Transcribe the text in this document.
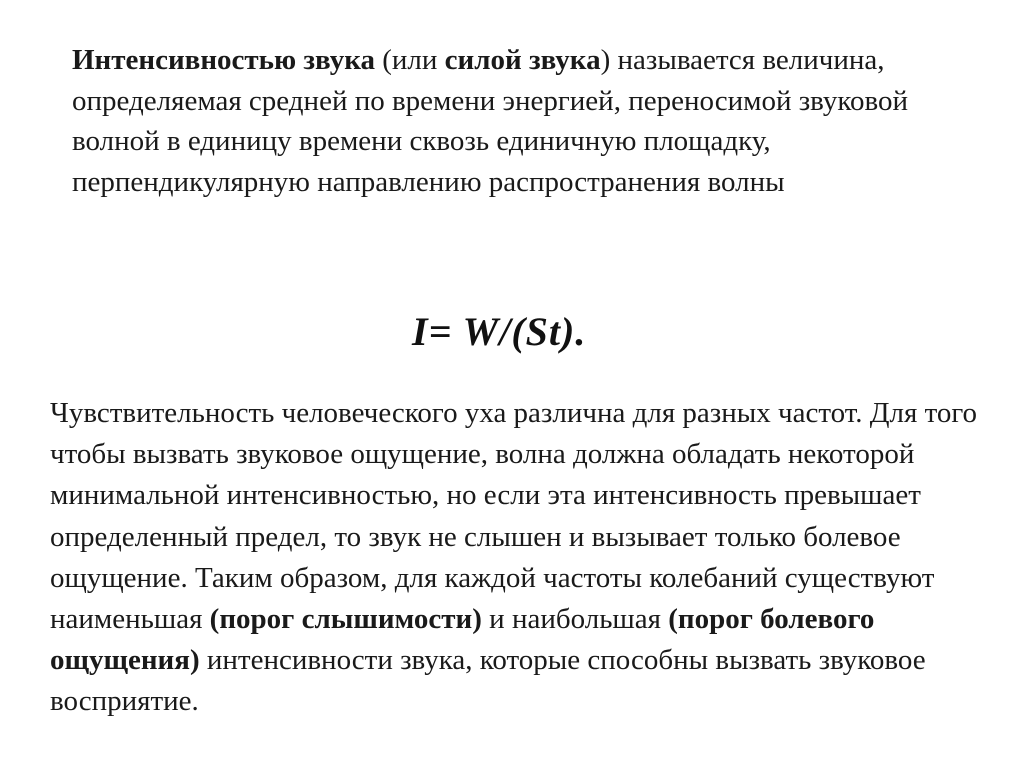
Интенсивностью звука (или силой звука) называется величина, определяемая средней по времени энергией, переносимой звуковой волной в единицу времени сквозь единичную площадку, перпендикулярную направлению распространения волны

I= W/(St).

Чувствительность человеческого уха различна для разных частот. Для того чтобы вызвать звуковое ощущение, волна должна обладать некоторой минимальной интенсивностью, но если эта интенсивность превышает определенный предел, то звук не слышен и вызывает только болевое ощущение. Таким образом, для каждой частоты колебаний существуют наименьшая (порог слышимости) и наибольшая (порог болевого ощущения) интенсивности звука, которые способны вызвать звуковое восприятие.
